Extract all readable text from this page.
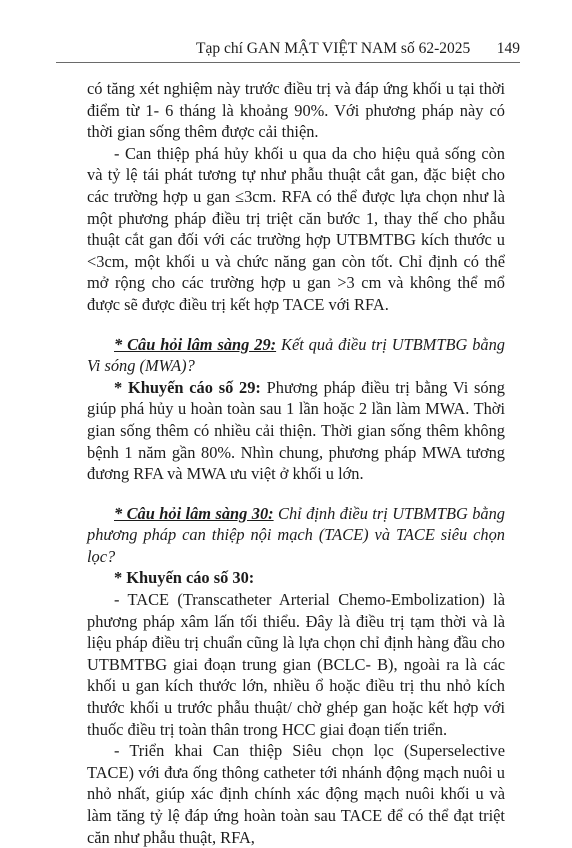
Tạp chí GAN MẬT VIỆT NAM số 62-2025 149

có tăng xét nghiệm này trước điều trị và đáp ứng khối u tại thời điểm từ 1- 6 tháng là khoảng 90%. Với phương pháp này có thời gian sống thêm được cải thiện.

- Can thiệp phá hủy khối u qua da cho hiệu quả sống còn và tỷ lệ tái phát tương tự như phẫu thuật cắt gan, đặc biệt cho các trường hợp u gan ≤3cm. RFA có thể được lựa chọn như là một phương pháp điều trị triệt căn bước 1, thay thế cho phẫu thuật cắt gan đối với các trường hợp UTBMTBG kích thước u <3cm, một khối u và chức năng gan còn tốt. Chỉ định có thể mở rộng cho các trường hợp u gan >3 cm và không thể mổ được sẽ được điều trị kết hợp TACE với RFA.

* Câu hỏi lâm sàng 29: Kết quả điều trị UTBMTBG bằng Vi sóng (MWA)?

* Khuyến cáo số 29: Phương pháp điều trị bằng Vi sóng giúp phá hủy u hoàn toàn sau 1 lần hoặc 2 lần làm MWA. Thời gian sống thêm có nhiều cải thiện. Thời gian sống thêm không bệnh 1 năm gần 80%. Nhìn chung, phương pháp MWA tương đương RFA và MWA ưu việt ở khối u lớn.

* Câu hỏi lâm sàng 30: Chỉ định điều trị UTBMTBG bằng phương pháp can thiệp nội mạch (TACE) và TACE siêu chọn lọc?

* Khuyến cáo số 30:

- TACE (Transcatheter Arterial Chemo-Embolization) là phương pháp xâm lấn tối thiểu. Đây là điều trị tạm thời và là liệu pháp điều trị chuẩn cũng là lựa chọn chỉ định hàng đầu cho UTBMTBG giai đoạn trung gian (BCLC- B), ngoài ra là các khối u gan kích thước lớn, nhiều ổ hoặc điều trị thu nhỏ kích thước khối u trước phẫu thuật/ chờ ghép gan hoặc kết hợp với thuốc điều trị toàn thân trong HCC giai đoạn tiến triển.

- Triển khai Can thiệp Siêu chọn lọc (Superselective TACE) với đưa ống thông catheter tới nhánh động mạch nuôi u nhỏ nhất, giúp xác định chính xác động mạch nuôi khối u và làm tăng tỷ lệ đáp ứng hoàn toàn sau TACE để có thể đạt triệt căn như phẫu thuật, RFA,
